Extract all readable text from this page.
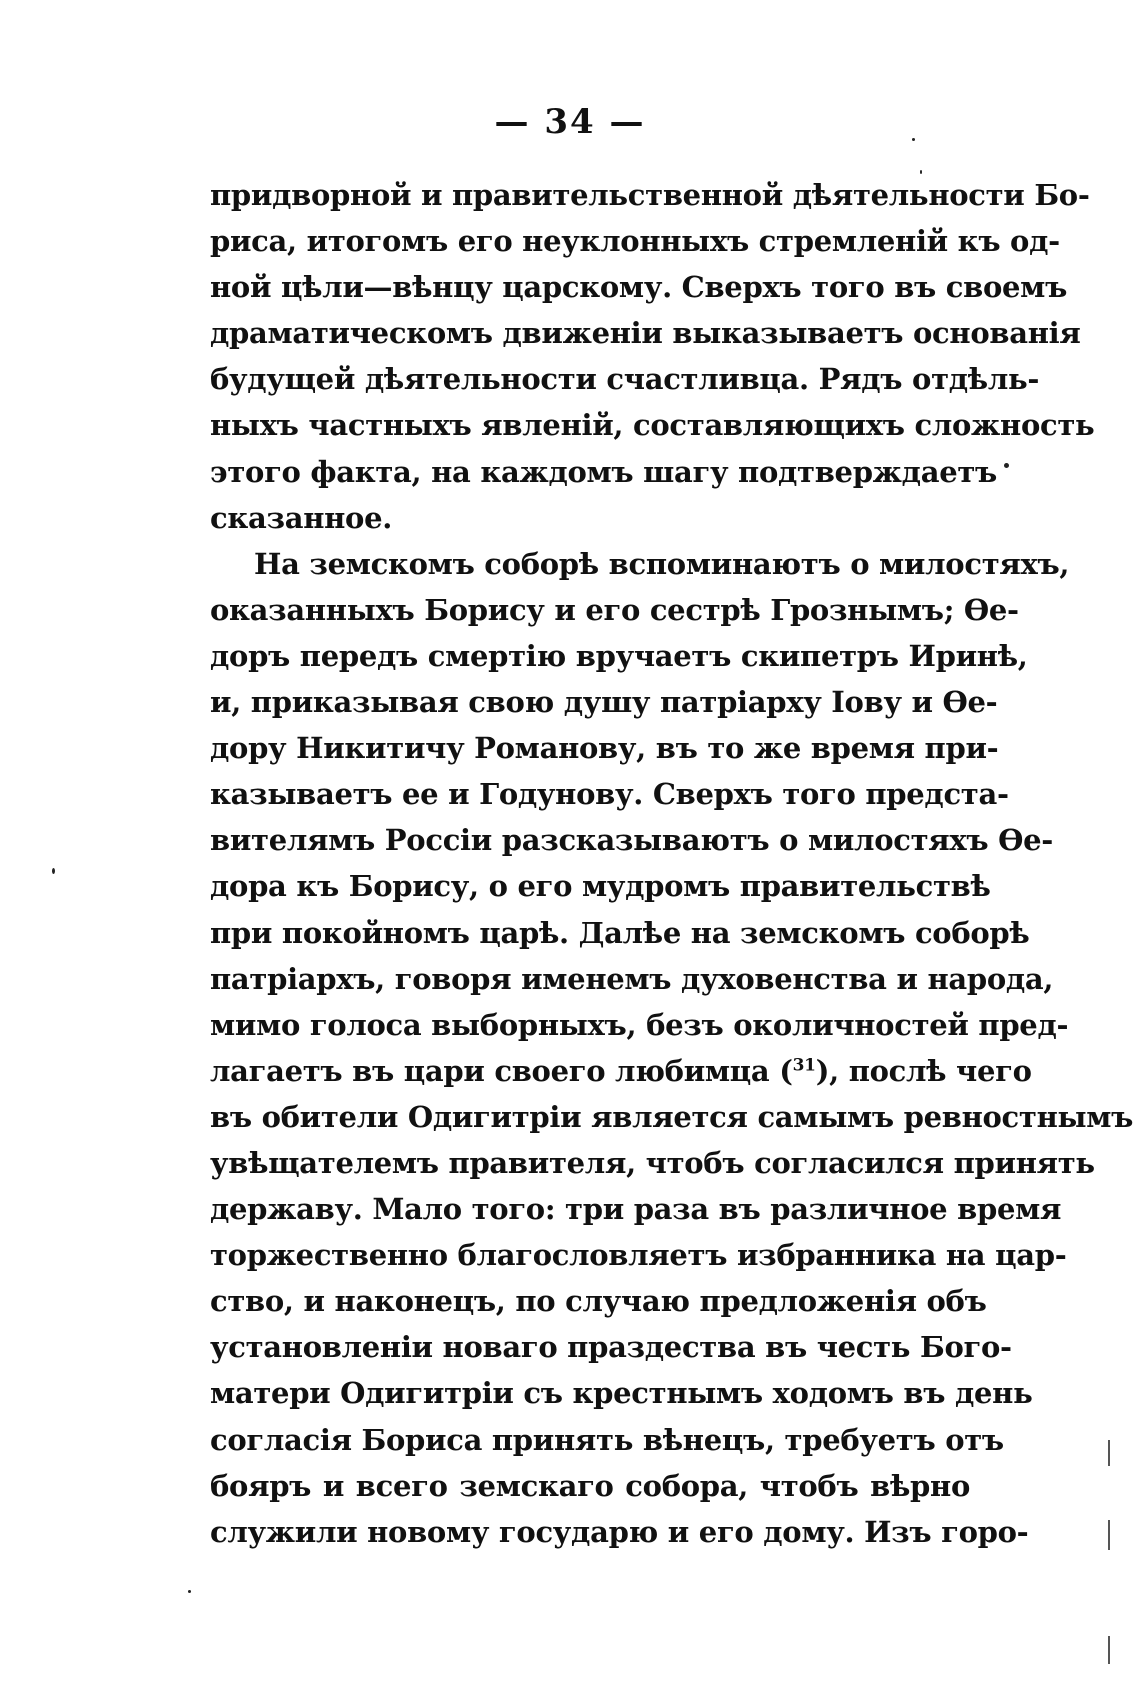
— 34 —
придворной и правительственной дѣятельности Бо-
риса, итогомъ его неуклонныхъ стремленій къ од-
ной цѣли—вѣнцу царскому. Сверхъ того въ своемъ
драматическомъ движеніи выказываетъ основанія
будущей дѣятельности счастливца. Рядъ отдѣль-
ныхъ частныхъ явленій, составляющихъ сложность
этого факта, на каждомъ шагу подтверждаетъ
сказанное.
На земскомъ соборѣ вспоминаютъ о милостяхъ,
оказанныхъ Борису и его сестрѣ Грознымъ; Ѳе-
доръ передъ смертію вручаетъ скипетръ Иринѣ,
и, приказывая свою душу патріарху Іову и Ѳе-
дору Никитичу Романову, въ то же время при-
казываетъ ее и Годунову. Сверхъ того предста-
вителямъ Россіи разсказываютъ о милостяхъ Ѳе-
дора къ Борису, о его мудромъ правительствѣ
при покойномъ царѣ. Далѣе на земскомъ соборѣ
патріархъ, говоря именемъ духовенства и народа,
мимо голоса выборныхъ, безъ околичностей пред-
лагаетъ въ цари своего любимца ($^{31}$), послѣ чего
въ обители Одигитріи является самымъ ревностнымъ
увѣщателемъ правителя, чтобъ согласился принять
державу. Мало того: три раза въ различное время
торжественно благословляетъ избранника на цар-
ство, и наконецъ, по случаю предложенія объ
установленіи новаго праздества въ честь Бого-
матери Одигитріи съ крестнымъ ходомъ въ день
согласія Бориса принять вѣнецъ, требуетъ отъ
бояръ и всего земскаго собора, чтобъ вѣрно
служили новому государю и его дому. Изъ горо-
